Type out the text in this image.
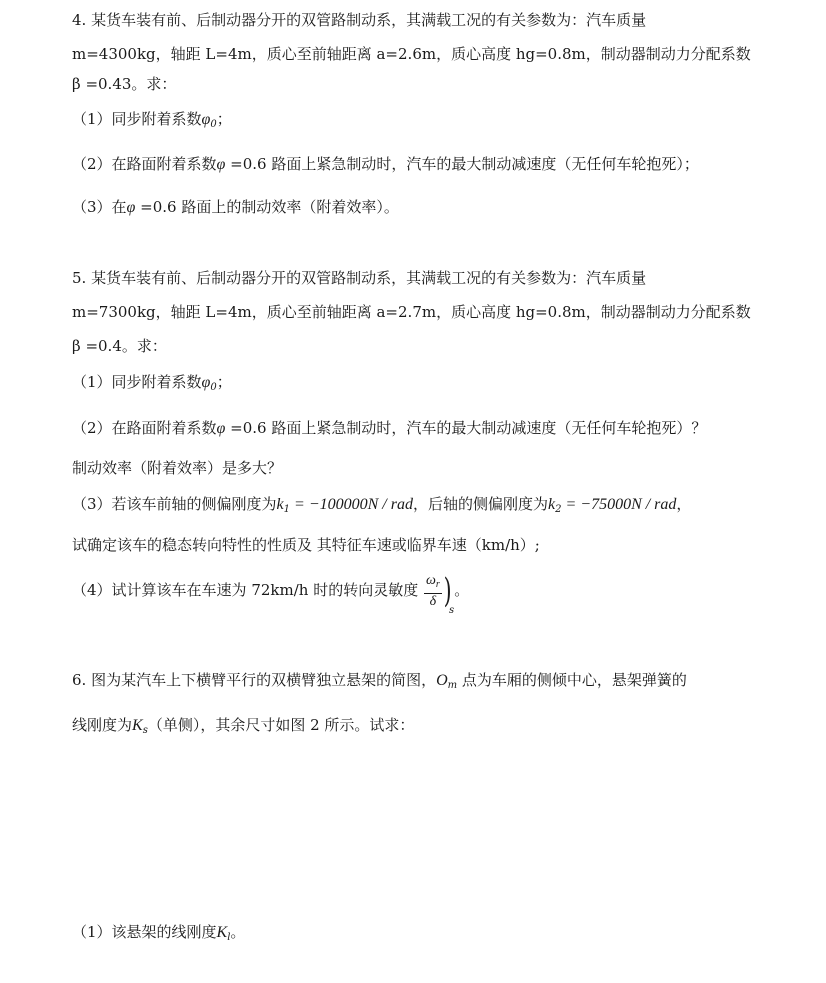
4. 某货车装有前、后制动器分开的双管路制动系，其满载工况的有关参数为：汽车质量
m=4300kg，轴距 L=4m，质心至前轴距离 a=2.6m，质心高度 hg=0.8m，制动器制动力分配系数
β =0.43。求：
（1）同步附着系数$\varphi_0$；
（2）在路面附着系数φ =0.6 路面上紧急制动时，汽车的最大制动减速度（无任何车轮抱死）；
（3）在φ =0.6 路面上的制动效率（附着效率）。
5. 某货车装有前、后制动器分开的双管路制动系，其满载工况的有关参数为：汽车质量
m=7300kg，轴距 L=4m，质心至前轴距离 a=2.7m，质心高度 hg=0.8m，制动器制动力分配系数
β =0.4。求：
（1）同步附着系数$\varphi_0$；
（2）在路面附着系数φ =0.6 路面上紧急制动时，汽车的最大制动减速度（无任何车轮抱死）？
制动效率（附着效率）是多大？
（3）若该车前轴的侧偏刚度为$k_1 = -100000N$ / rad，后轴的侧偏刚度为$k_2 = -75000N$ / rad，
试确定该车的稳态转向特性的性质及 其特征车速或临界车速（km/h）;
（4）试计算该车在车速为 72km/h 时的转向灵敏度 $\frac{\omega_r}{\delta} )s$。
6. 图为某汽车上下横臂平行的双横臂独立悬架的简图，$O_m$ 点为车厢的侧倾中心，悬架弹簧的
线刚度为$K_s$（单侧），其余尺寸如图 2 所示。试求：
（1）该悬架的线刚度$K_l$。
